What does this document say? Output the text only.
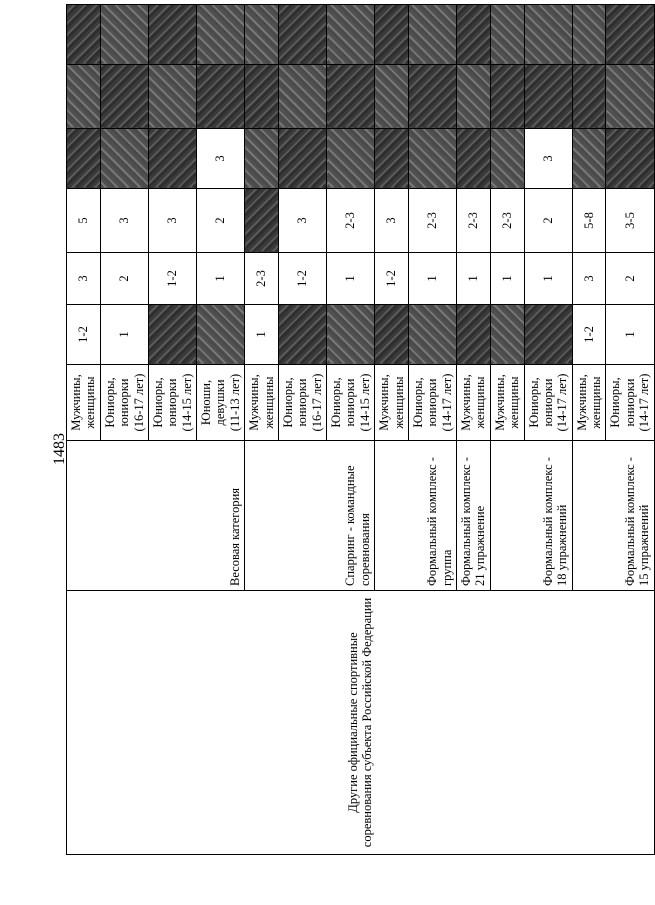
1483
Другие официальные спортивные соревнования субъекта Российской Федерации	Весовая категория	Мужчины, женщины	1-2	3	5			
		Юниоры, юниорки (16-17 лет)	1	2	3			
		Юниоры, юниорки (14-15 лет)		1-2	3			
		Юноши, девушки (11-13 лет)		1	2	3		
	Спарринг - командные соревнования	Мужчины, женщины	1	2-3				
		Юниоры, юниорки (16-17 лет)		1-2	3			
		Юниоры, юниорки (14-15 лет)		1	2-3			
	Формальный комплекс - группа	Мужчины, женщины		1-2	3			
		Юниоры, юниорки (14-17 лет)		1	2-3			
	Формальный комплекс - 21 упражнение	Мужчины, женщины		1	2-3			
	Формальный комплекс - 18 упражнений	Мужчины, женщины		1	2-3			
		Юниоры, юниорки (14-17 лет)		1	2	3		
	Формальный комплекс - 15 упражнений	Мужчины, женщины	1-2	3	5-8			
		Юниоры, юниорки (14-17 лет)	1	2	3-5			
